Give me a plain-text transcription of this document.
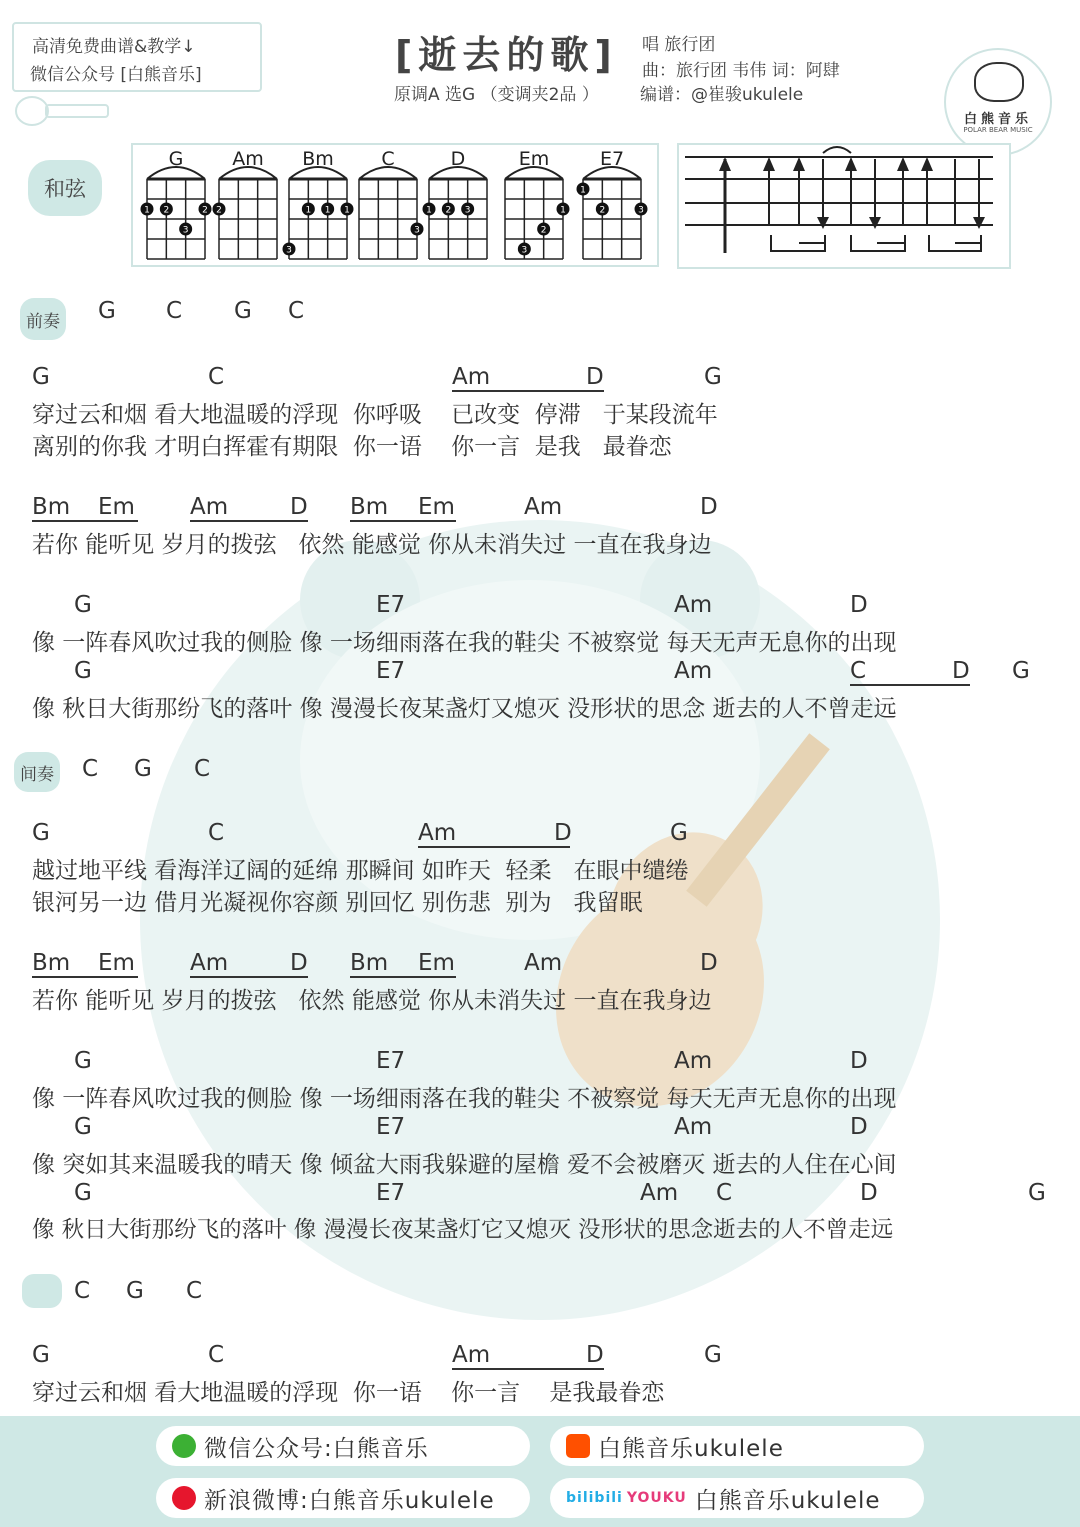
高清免费曲谱&教学↓
微信公众号 [白熊音乐]	[逝去的歌] 唱 旅行团
曲：旅行团 韦伟 词：阿肆
原调A 选G （变调夹2品 ） 编谱：@崔骏ukulele
白熊音乐
POLAR BEAR MUSIC
和弦
G
1 2	2
3
Am
2
Bm
1 1 1
3
C
3
D
1 2 3
Em
1
2
3
E7
1
2	3
前奏 G C G C
G	C	Am	D	G
穿过云和烟 看大地温暖的浮现  你呼吸    已改变  停滞   于某段流年
离别的你我 才明白挥霍有期限  你一语    你一言  是我   最眷恋
Bm Em Am	D Bm Em	Am	D
若你 能听见 岁月的拨弦   依然 能感觉 你从未消失过 一直在我身边
G	E7	Am	D
像 一阵春风吹过我的侧脸 像 一场细雨落在我的鞋尖 不被察觉 每天无声无息你的出现
G	E7	Am	C	D G
像 秋日大街那纷飞的落叶 像 漫漫长夜某盏灯又熄灭 没形状的思念 逝去的人不曾走远
间奏 C G C
G	C	Am	D	G
越过地平线 看海洋辽阔的延绵 那瞬间 如昨天  轻柔   在眼中缱绻
银河另一边 借月光凝视你容颜 别回忆 别伤悲  别为   我留眠
Bm Em Am	D Bm Em	Am	D
若你 能听见 岁月的拨弦   依然 能感觉 你从未消失过 一直在我身边
G	E7	Am	D
像 一阵春风吹过我的侧脸 像 一场细雨落在我的鞋尖 不被察觉 每天无声无息你的出现
G	E7	Am	D
像 突如其来温暖我的晴天 像 倾盆大雨我躲避的屋檐 爱不会被磨灭 逝去的人住在心间
G	E7	Am C	D	G
像 秋日大街那纷飞的落叶 像 漫漫长夜某盏灯它又熄灭 没形状的思念逝去的人不曾走远
C G C
G	C	Am	D	G
穿过云和烟 看大地温暖的浮现  你一语    你一言    是我最眷恋
微信公众号:白熊音乐	白熊音乐ukulele
新浪微博:白熊音乐ukulele	bilibili YOUKU 白熊音乐ukulele
